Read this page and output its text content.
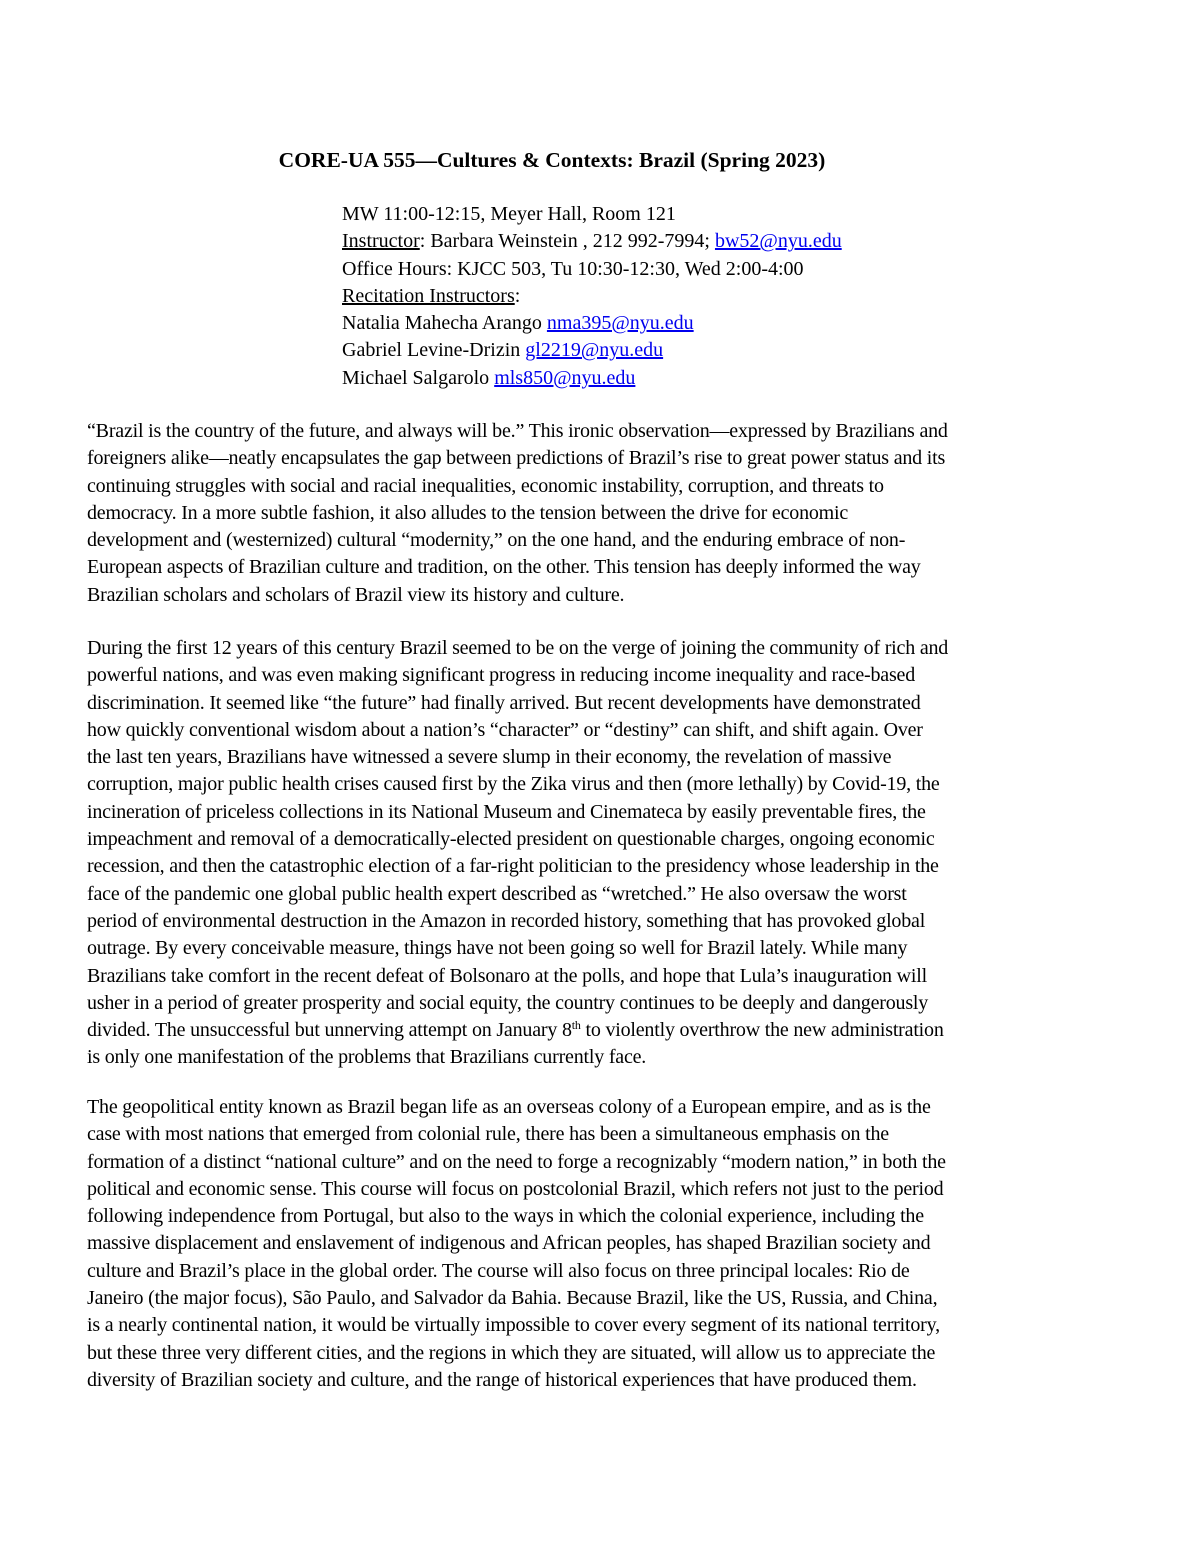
CORE-UA 555—Cultures & Contexts: Brazil (Spring 2023)
MW 11:00-12:15, Meyer Hall, Room 121
Instructor: Barbara Weinstein , 212 992-7994; bw52@nyu.edu
Office Hours: KJCC 503, Tu 10:30-12:30, Wed 2:00-4:00
Recitation Instructors:
Natalia Mahecha Arango nma395@nyu.edu
Gabriel Levine-Drizin gl2219@nyu.edu
Michael Salgarolo mls850@nyu.edu
“Brazil is the country of the future, and always will be.” This ironic observation—expressed by Brazilians and
foreigners alike—neatly encapsulates the gap between predictions of Brazil’s rise to great power status and its
continuing struggles with social and racial inequalities, economic instability, corruption, and threats to
democracy. In a more subtle fashion, it also alludes to the tension between the drive for economic
development and (westernized) cultural “modernity,” on the one hand, and the enduring embrace of non-
European aspects of Brazilian culture and tradition, on the other. This tension has deeply informed the way
Brazilian scholars and scholars of Brazil view its history and culture.
During the first 12 years of this century Brazil seemed to be on the verge of joining the community of rich and
powerful nations, and was even making significant progress in reducing income inequality and race-based
discrimination. It seemed like “the future” had finally arrived. But recent developments have demonstrated
how quickly conventional wisdom about a nation’s “character” or “destiny” can shift, and shift again. Over
the last ten years, Brazilians have witnessed a severe slump in their economy, the revelation of massive
corruption, major public health crises caused first by the Zika virus and then (more lethally) by Covid-19, the
incineration of priceless collections in its National Museum and Cinemateca by easily preventable fires, the
impeachment and removal of a democratically-elected president on questionable charges, ongoing economic
recession, and then the catastrophic election of a far-right politician to the presidency whose leadership in the
face of the pandemic one global public health expert described as “wretched.” He also oversaw the worst
period of environmental destruction in the Amazon in recorded history, something that has provoked global
outrage. By every conceivable measure, things have not been going so well for Brazil lately. While many
Brazilians take comfort in the recent defeat of Bolsonaro at the polls, and hope that Lula’s inauguration will
usher in a period of greater prosperity and social equity, the country continues to be deeply and dangerously
divided. The unsuccessful but unnerving attempt on January 8th to violently overthrow the new administration
is only one manifestation of the problems that Brazilians currently face.
The geopolitical entity known as Brazil began life as an overseas colony of a European empire, and as is the
case with most nations that emerged from colonial rule, there has been a simultaneous emphasis on the
formation of a distinct “national culture” and on the need to forge a recognizably “modern nation,” in both the
political and economic sense. This course will focus on postcolonial Brazil, which refers not just to the period
following independence from Portugal, but also to the ways in which the colonial experience, including the
massive displacement and enslavement of indigenous and African peoples, has shaped Brazilian society and
culture and Brazil’s place in the global order. The course will also focus on three principal locales: Rio de
Janeiro (the major focus), São Paulo, and Salvador da Bahia. Because Brazil, like the US, Russia, and China,
is a nearly continental nation, it would be virtually impossible to cover every segment of its national territory,
but these three very different cities, and the regions in which they are situated, will allow us to appreciate the
diversity of Brazilian society and culture, and the range of historical experiences that have produced them.
